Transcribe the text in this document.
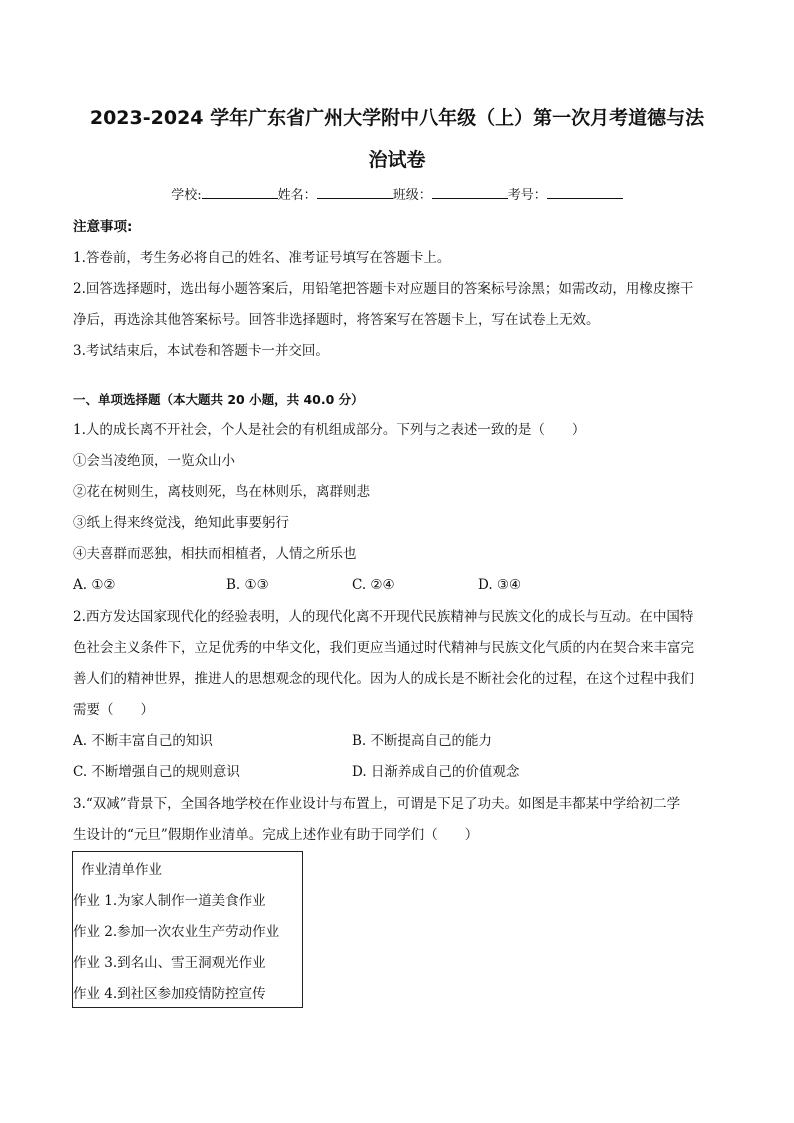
2023-2024 学年广东省广州大学附中八年级（上）第一次月考道德与法
治试卷
学校:	姓名：	班级：	考号：
注意事项:
1.答卷前，考生务必将自己的姓名、准考证号填写在答题卡上。
2.回答选择题时，选出每小题答案后，用铅笔把答题卡对应题目的答案标号涂黑；如需改动，用橡皮擦干
净后，再选涂其他答案标号。回答非选择题时，将答案写在答题卡上，写在试卷上无效。
3.考试结束后，本试卷和答题卡一并交回。
一、单项选择题（本大题共 20 小题，共 40.0 分）
1.人的成长离不开社会，个人是社会的有机组成部分。下列与之表述一致的是（　　）
①会当凌绝顶，一览众山小
②花在树则生，离枝则死，鸟在林则乐，离群则悲
③纸上得来终觉浅，绝知此事要躬行
④夫喜群而恶独，相扶而相植者，人情之所乐也
A. ①②	B. ①③	C. ②④	D. ③④
2.西方发达国家现代化的经验表明，人的现代化离不开现代民族精神与民族文化的成长与互动。在中国特
色社会主义条件下，立足优秀的中华文化，我们更应当通过时代精神与民族文化气质的内在契合来丰富完
善人们的精神世界，推进人的思想观念的现代化。因为人的成长是不断社会化的过程，在这个过程中我们
需要（　　）
A. 不断丰富自己的知识	B. 不断提高自己的能力
C. 不断增强自己的规则意识	D. 日渐养成自己的价值观念
3.“双减”背景下，全国各地学校在作业设计与布置上，可谓是下足了功夫。如图是丰都某中学给初二学
生设计的“元旦”假期作业清单。完成上述作业有助于同学们（　　）
作业清单作业
作业 1.为家人制作一道美食作业
作业 2.参加一次农业生产劳动作业
作业 3.到名山、雪王洞观光作业
作业 4.到社区参加疫情防控宣传
